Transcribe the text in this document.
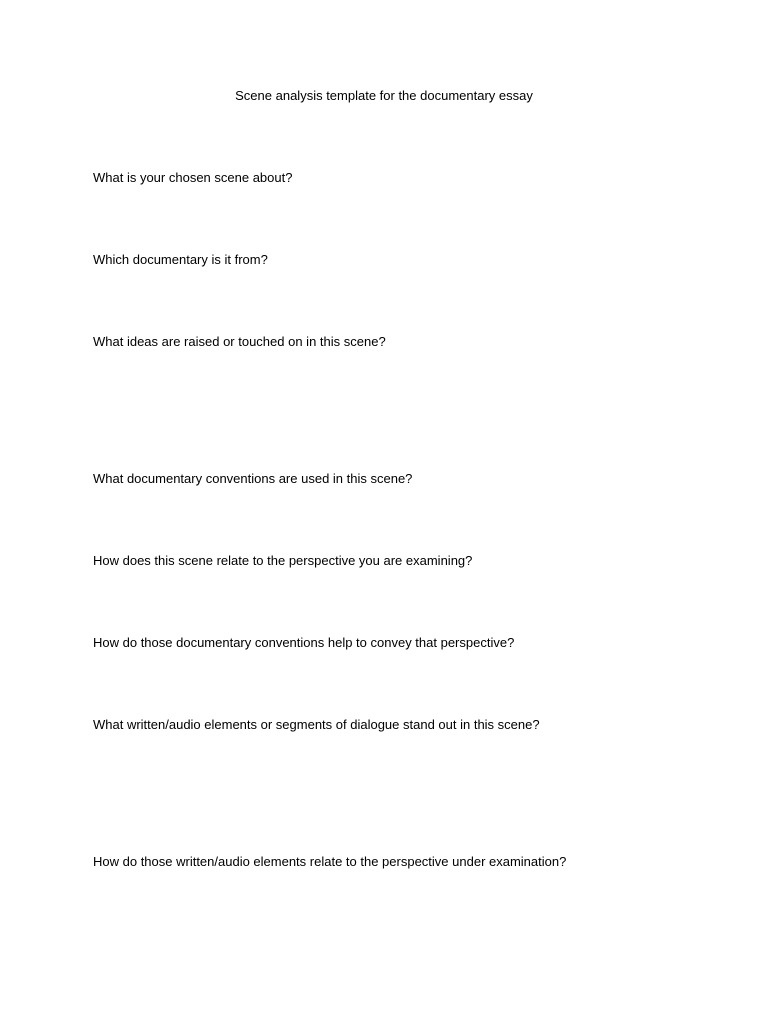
Scene analysis template for the documentary essay
What is your chosen scene about?
Which documentary is it from?
What ideas are raised or touched on in this scene?
What documentary conventions are used in this scene?
How does this scene relate to the perspective you are examining?
How do those documentary conventions help to convey that perspective?
What written/audio elements or segments of dialogue stand out in this scene?
How do those written/audio elements relate to the perspective under examination?
